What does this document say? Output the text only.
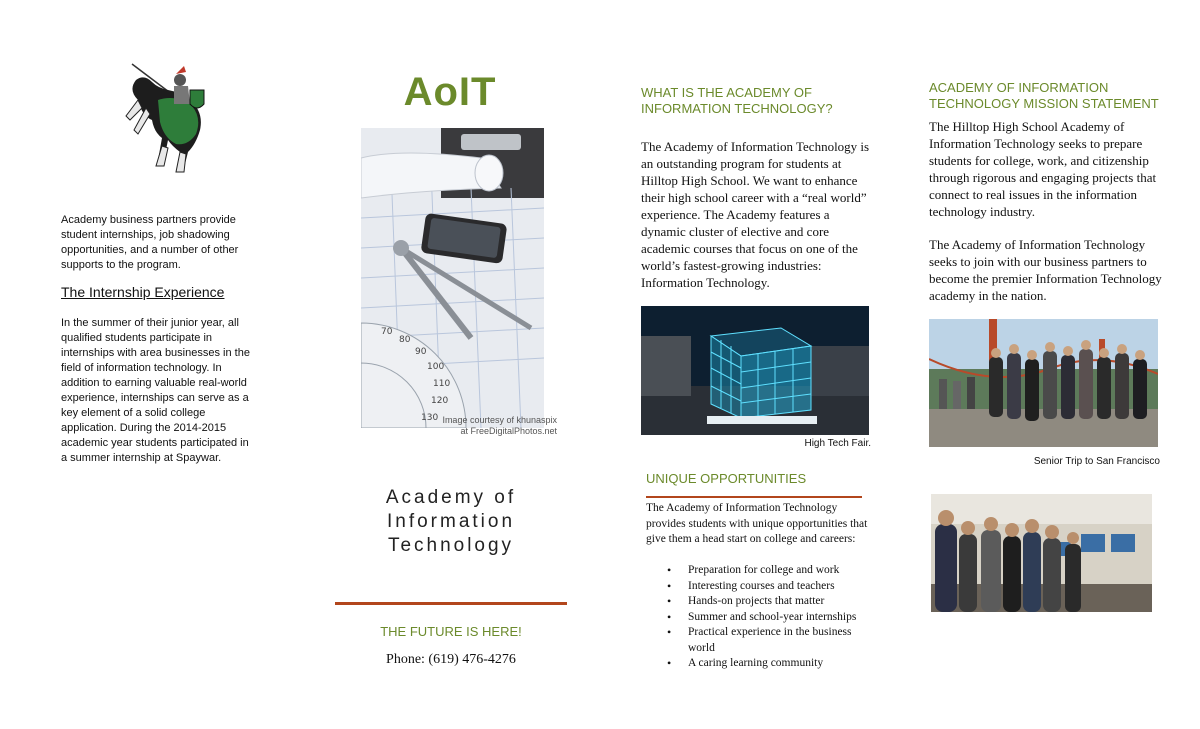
Academy business partners provide student internships, job shadowing opportunities, and a number of other supports to the program.
The Internship Experience
In the summer of their junior year, all qualified students participate in internships with area businesses in the field of information technology. In addition to earning valuable real-world experience, internships can serve as a key element of a solid college application. During the 2014-2015 academic year students participated in a summer internship at Spaywar.
AoIT
130
120
110
100
90
80
70
Image courtesy of khunaspix at FreeDigitalPhotos.net
Academy of
Information
Technology
THE FUTURE IS HERE!
Phone: (619) 476-4276
WHAT IS THE ACADEMY OF
INFORMATION TECHNOLOGY?
The Academy of Information Technology is an outstanding program for students at Hilltop High School. We want to enhance their high school career with a “real world” experience. The Academy features a dynamic cluster of elective and core academic courses that focus on one of the world’s fastest-growing industries: Information Technology.
High Tech Fair.
UNIQUE OPPORTUNITIES
The Academy of Information Technology provides students with unique opportunities that give them a head start on college and careers:
• Preparation for college and work
• Interesting courses and teachers
• Hands-on projects that matter
• Summer and school-year internships
• Practical experience in the business world
• A caring learning community
ACADEMY OF INFORMATION
TECHNOLOGY MISSION STATEMENT
The Hilltop High School Academy of Information Technology seeks to prepare students for college, work, and citizenship through rigorous and engaging projects that connect to real issues in the information technology industry.
The Academy of Information Technology seeks to join with our business partners to become the premier Information Technology academy in the nation.
Senior Trip to San Francisco
